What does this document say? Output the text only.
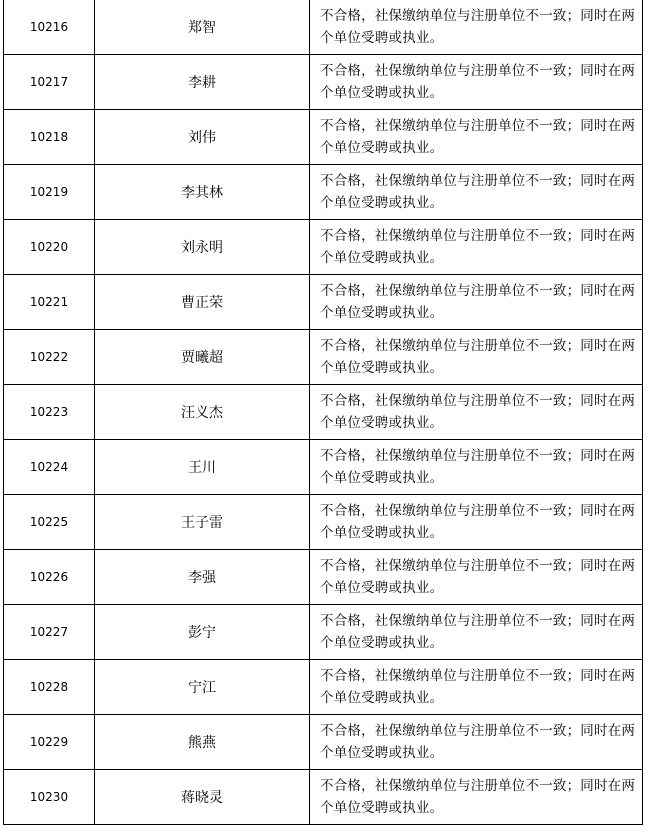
10216	郑智	不合格，社保缴纳单位与注册单位不一致；同时在两个单位受聘或执业。
10217	李耕	不合格，社保缴纳单位与注册单位不一致；同时在两个单位受聘或执业。
10218	刘伟	不合格，社保缴纳单位与注册单位不一致；同时在两个单位受聘或执业。
10219	李其林	不合格，社保缴纳单位与注册单位不一致；同时在两个单位受聘或执业。
10220	刘永明	不合格，社保缴纳单位与注册单位不一致；同时在两个单位受聘或执业。
10221	曹正荣	不合格，社保缴纳单位与注册单位不一致；同时在两个单位受聘或执业。
10222	贾曦超	不合格，社保缴纳单位与注册单位不一致；同时在两个单位受聘或执业。
10223	汪义杰	不合格，社保缴纳单位与注册单位不一致；同时在两个单位受聘或执业。
10224	王川	不合格，社保缴纳单位与注册单位不一致；同时在两个单位受聘或执业。
10225	王子雷	不合格，社保缴纳单位与注册单位不一致；同时在两个单位受聘或执业。
10226	李强	不合格，社保缴纳单位与注册单位不一致；同时在两个单位受聘或执业。
10227	彭宁	不合格，社保缴纳单位与注册单位不一致；同时在两个单位受聘或执业。
10228	宁江	不合格，社保缴纳单位与注册单位不一致；同时在两个单位受聘或执业。
10229	熊燕	不合格，社保缴纳单位与注册单位不一致；同时在两个单位受聘或执业。
10230	蒋晓灵	不合格，社保缴纳单位与注册单位不一致；同时在两个单位受聘或执业。
